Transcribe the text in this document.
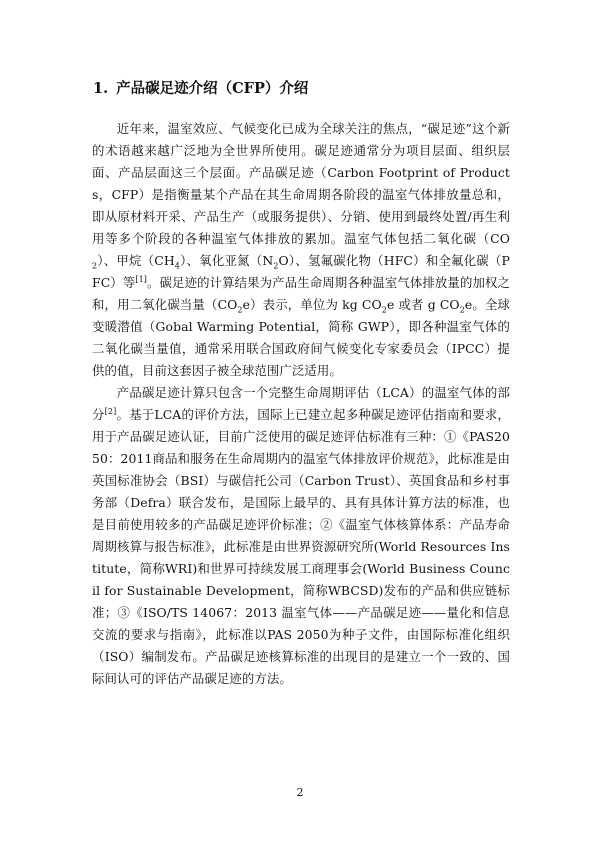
1. 产品碳足迹介绍（CFP）介绍

近年来，温室效应、气候变化已成为全球关注的焦点，“碳足迹”这个新的术语越来越广泛地为全世界所使用。碳足迹通常分为项目层面、组织层面、产品层面这三个层面。产品碳足迹（Carbon Footprint of Products，CFP）是指衡量某个产品在其生命周期各阶段的温室气体排放量总和，即从原材料开采、产品生产（或服务提供）、分销、使用到最终处置/再生利用等多个阶段的各种温室气体排放的累加。温室气体包括二氧化碳$(CO_2)$、甲烷$(CH_4)$、氧化亚氮$(N_2O)$、氢氟碳化物（HFC）和全氟化碳（PFC）等[1]。碳足迹的计算结果为产品生命周期各种温室气体排放量的加权之和，用二氧化碳当量$(CO_2e)$表示，单位为 kg $CO_2e$ 或者 g $CO_2e$。全球变暖潜值（Gobal Warming Potential，简称 GWP），即各种温室气体的二氧化碳当量值，通常采用联合国政府间气候变化专家委员会（IPCC）提供的值，目前这套因子被全球范围广泛适用。

产品碳足迹计算只包含一个完整生命周期评估（LCA）的温室气体的部分[2]。基于LCA的评价方法，国际上已建立起多种碳足迹评估指南和要求，用于产品碳足迹认证，目前广泛使用的碳足迹评估标准有三种：①《PAS2050：2011商品和服务在生命周期内的温室气体排放评价规范》，此标准是由英国标准协会（BSI）与碳信托公司（Carbon Trust）、英国食品和乡村事务部（Defra）联合发布，是国际上最早的、具有具体计算方法的标准，也是目前使用较多的产品碳足迹评价标准；②《温室气体核算体系：产品寿命周期核算与报告标准》，此标准是由世界资源研究所(World Resources Institute，简称WRI)和世界可持续发展工商理事会(World Business Council for Sustainable Development，简称WBCSD)发布的产品和供应链标准；③《ISO/TS 14067：2013 温室气体——产品碳足迹——量化和信息交流的要求与指南》，此标准以PAS 2050为种子文件，由国际标准化组织（ISO）编制发布。产品碳足迹核算标准的出现目的是建立一个一致的、国际间认可的评估产品碳足迹的方法。

2
